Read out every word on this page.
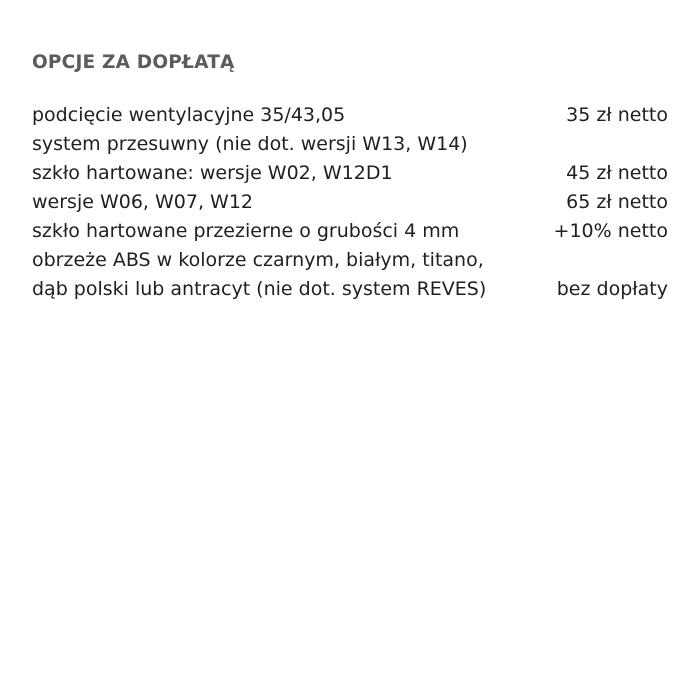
OPCJE ZA DOPŁATĄ
podcięcie wentylacyjne 35/43,05	35 zł netto
system przesuwny (nie dot. wersji W13, W14)
szkło hartowane: wersje W02, W12D1	45 zł netto
wersje W06, W07, W12	65 zł netto
szkło hartowane przezierne o grubości 4 mm	+10% netto
obrzeże ABS w kolorze czarnym, białym, titano,
dąb polski lub antracyt (nie dot. system REVES)	bez dopłaty
